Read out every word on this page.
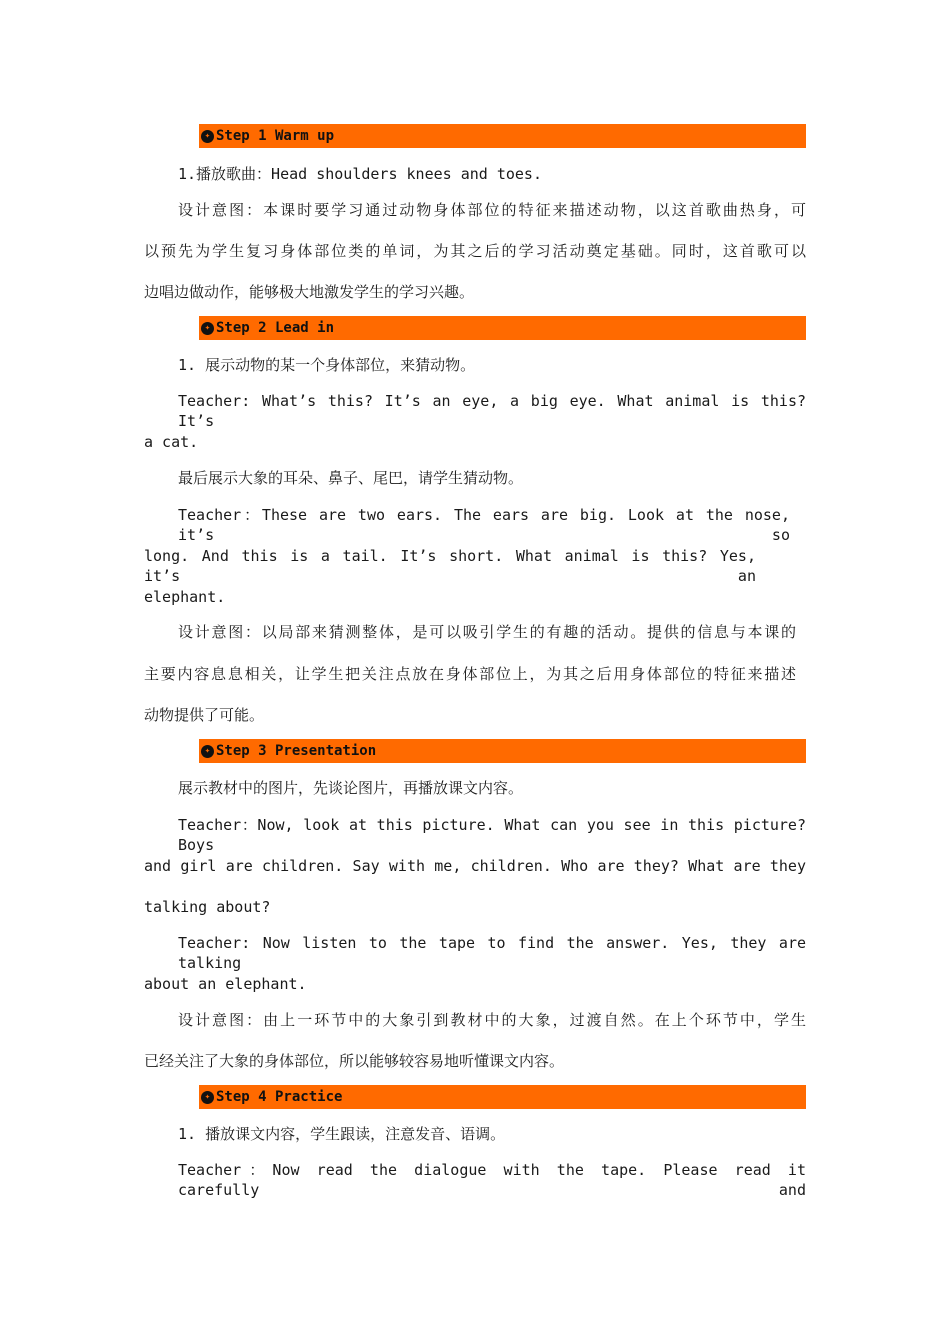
✦ Step 1 Warm up
1.播放歌曲：Head shoulders knees and toes.
设计意图：本课时要学习通过动物身体部位的特征来描述动物，以这首歌曲热身，可
以预先为学生复习身体部位类的单词，为其之后的学习活动奠定基础。同时，这首歌可以
边唱边做动作，能够极大地激发学生的学习兴趣。
✦ Step 2 Lead in
1. 展示动物的某一个身体部位，来猜动物。
Teacher: What’s this? It’s an eye, a big eye. What animal is this? It’s
a cat.
最后展示大象的耳朵、鼻子、尾巴，请学生猜动物。
Teacher：These are two ears. The ears are big. Look at the nose, it’s so
long. And this is a tail. It’s short. What animal is this? Yes, it’s an
elephant.
设计意图：以局部来猜测整体，是可以吸引学生的有趣的活动。提供的信息与本课的
主要内容息息相关，让学生把关注点放在身体部位上，为其之后用身体部位的特征来描述
动物提供了可能。
✦ Step 3 Presentation
展示教材中的图片，先谈论图片，再播放课文内容。
Teacher：Now, look at this picture. What can you see in this picture? Boys
and girl are children. Say with me, children. Who are they? What are they
talking about?
Teacher: Now listen to the tape to find the answer. Yes, they are talking
about an elephant.
设计意图：由上一环节中的大象引到教材中的大象，过渡自然。在上个环节中，学生
已经关注了大象的身体部位，所以能够较容易地听懂课文内容。
✦ Step 4 Practice
1. 播放课文内容，学生跟读，注意发音、语调。
Teacher：Now read the dialogue with the tape. Please read it carefully and
